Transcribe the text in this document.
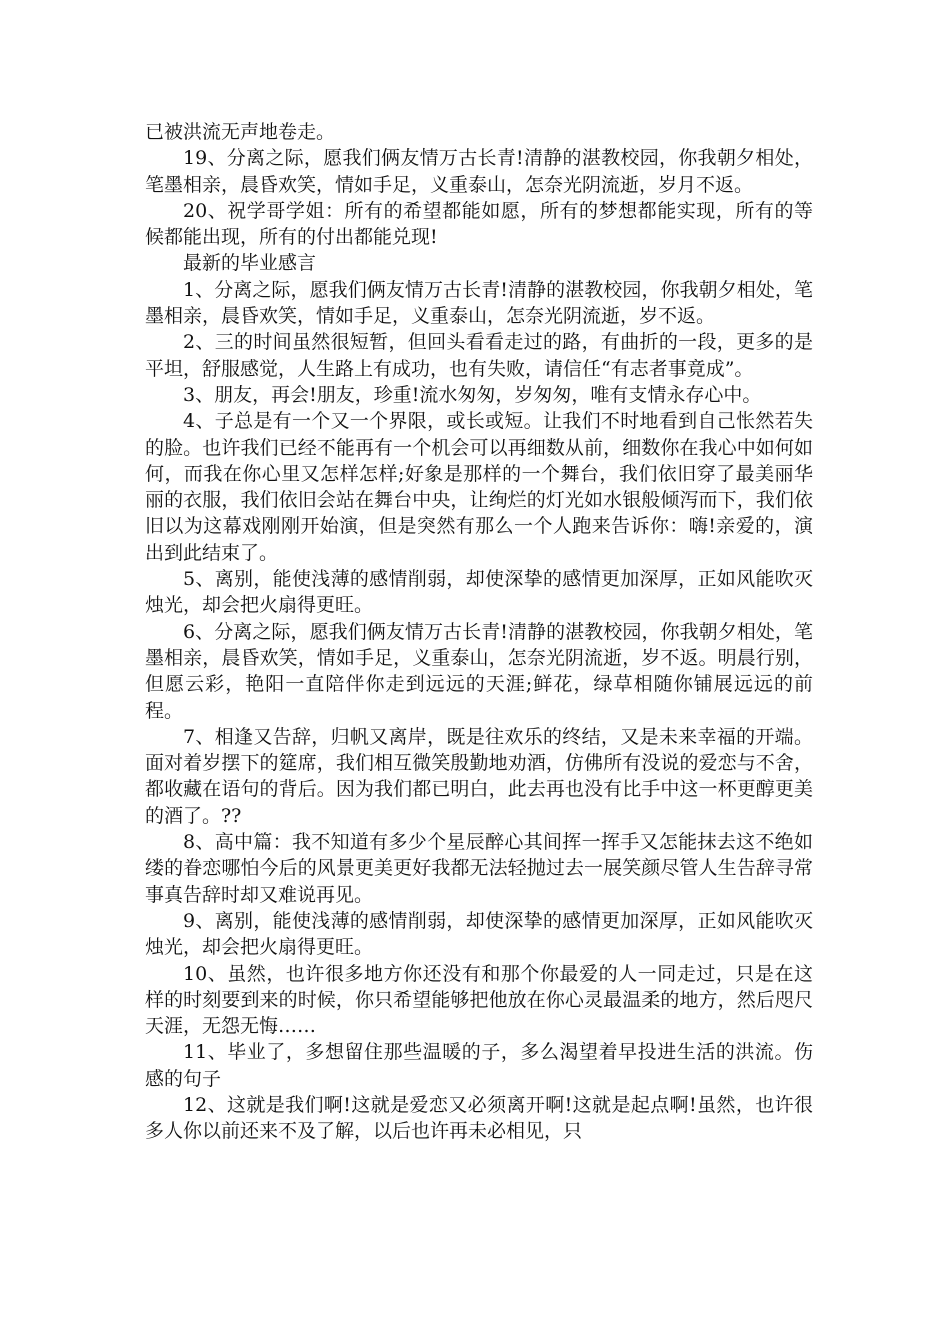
已被洪流无声地卷走。

19、分离之际，愿我们俩友情万古长青!清静的湛教校园，你我朝夕相处，笔墨相亲，晨昏欢笑，情如手足，义重泰山，怎奈光阴流逝，岁月不返。

20、祝学哥学姐：所有的希望都能如愿，所有的梦想都能实现，所有的等候都能出现，所有的付出都能兑现!

最新的毕业感言

1、分离之际，愿我们俩友情万古长青!清静的湛教校园，你我朝夕相处，笔墨相亲，晨昏欢笑，情如手足，义重泰山，怎奈光阴流逝，岁不返。

2、三的时间虽然很短暂，但回头看看走过的路，有曲折的一段，更多的是平坦，舒服感觉，人生路上有成功，也有失败，请信任“有志者事竟成”。

3、朋友，再会!朋友，珍重!流水匆匆，岁匆匆，唯有支情永存心中。

4、子总是有一个又一个界限，或长或短。让我们不时地看到自己怅然若失的脸。也许我们已经不能再有一个机会可以再细数从前，细数你在我心中如何如何，而我在你心里又怎样怎样;好象是那样的一个舞台，我们依旧穿了最美丽华丽的衣服，我们依旧会站在舞台中央，让绚烂的灯光如水银般倾泻而下，我们依旧以为这幕戏刚刚开始演，但是突然有那么一个人跑来告诉你：嗨!亲爱的，演出到此结束了。

5、离别，能使浅薄的感情削弱，却使深挚的感情更加深厚，正如风能吹灭烛光，却会把火扇得更旺。

6、分离之际，愿我们俩友情万古长青!清静的湛教校园，你我朝夕相处，笔墨相亲，晨昏欢笑，情如手足，义重泰山，怎奈光阴流逝，岁不返。明晨行别，但愿云彩，艳阳一直陪伴你走到远远的天涯;鲜花，绿草相随你铺展远远的前程。

7、相逢又告辞，归帆又离岸，既是往欢乐的终结，又是未来幸福的开端。面对着岁摆下的筵席，我们相互微笑殷勤地劝酒，仿佛所有没说的爱恋与不舍，都收藏在语句的背后。因为我们都已明白，此去再也没有比手中这一杯更醇更美的酒了。??

8、高中篇：我不知道有多少个星辰醉心其间挥一挥手又怎能抹去这不绝如缕的眷恋哪怕今后的风景更美更好我都无法轻抛过去一展笑颜尽管人生告辞寻常事真告辞时却又难说再见。

9、离别，能使浅薄的感情削弱，却使深挚的感情更加深厚，正如风能吹灭烛光，却会把火扇得更旺。

10、虽然，也许很多地方你还没有和那个你最爱的人一同走过，只是在这样的时刻要到来的时候，你只希望能够把他放在你心灵最温柔的地方，然后咫尺天涯，无怨无悔……

11、毕业了，多想留住那些温暖的子，多么渴望着早投进生活的洪流。伤感的句子

12、这就是我们啊!这就是爱恋又必须离开啊!这就是起点啊!虽然，也许很多人你以前还来不及了解，以后也许再未必相见，只
